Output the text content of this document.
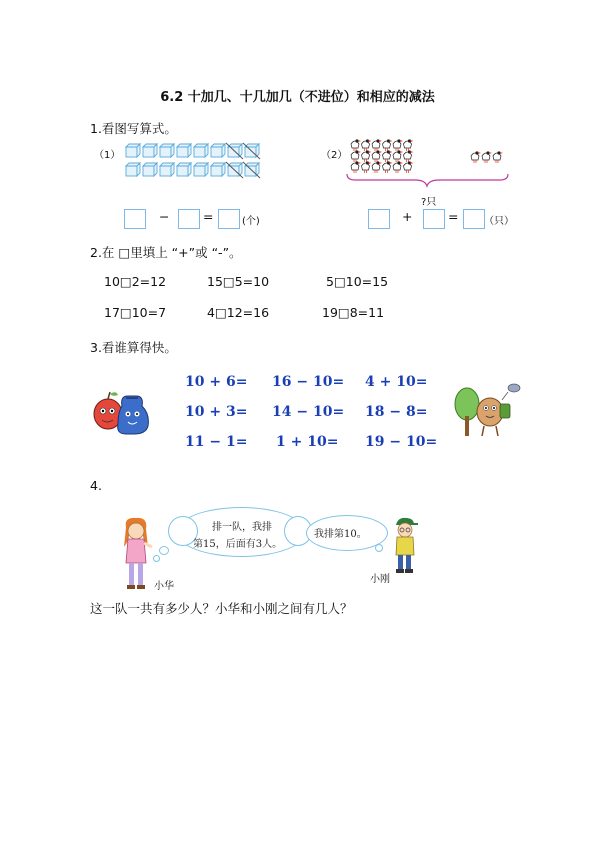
6.2 十加几、十几加几（不进位）和相应的减法
1.看图写算式。
（1）	（2）
?只
−	=	(个)	+	=	（只）
2.在 □里填上 “+”或 “-”。
10□2=12	15□5=10	5□10=15
17□10=7	4□12=16	19□8=11
3.看谁算得快。
10 + 6= 16 − 10= 4 + 10=
10 + 3= 14 − 10= 18 − 8=
11 − 1= 1 + 10= 19 − 10=
4.
小华
排一队，我排
第15，后面有3人。
我排第10。
小刚
这一队一共有多少人？小华和小刚之间有几人？
